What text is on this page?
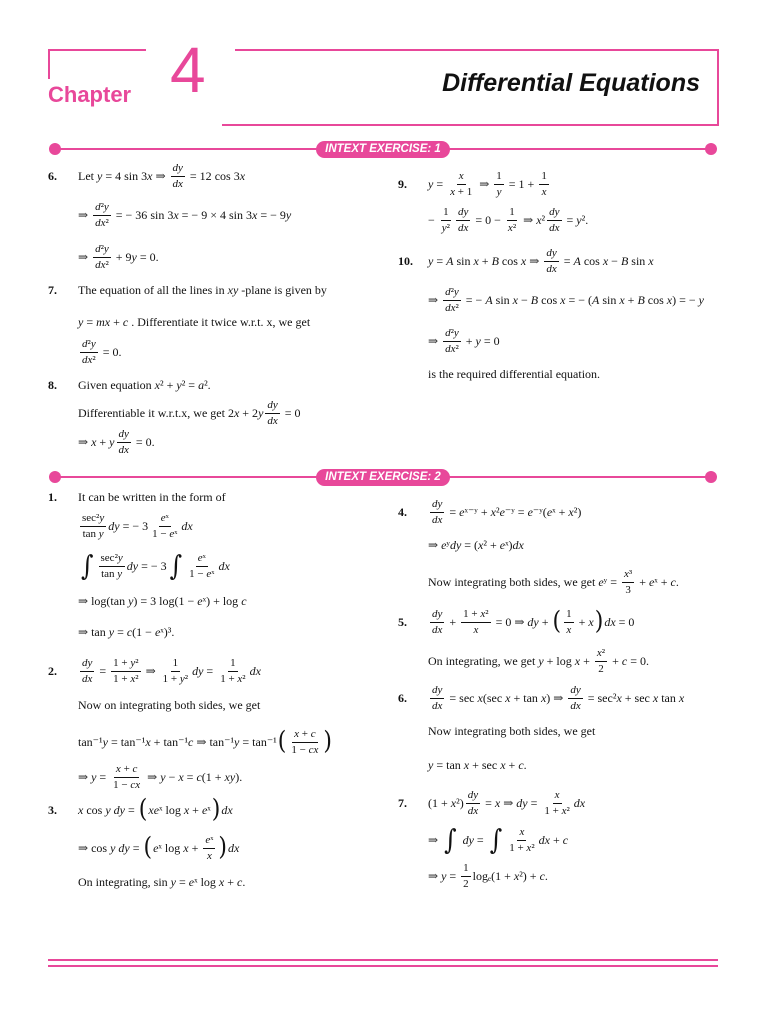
Chapter 4	Differential Equations
INTEXT EXERCISE: 1
6. Let y = 4 sin 3x ⇒ $\frac{dy}{dx} = 12$ cos 3x
⇒ $\frac{\text{d²y}}{\text{dx²}}$ = − 36 sin 3x = − 9 × 4 sin 3x = − 9y
⇒ $\frac{\text{d²y}}{\text{dx²}} + 9y = 0$.
7. The equation of all the lines in xy -plane is given by
y = mx + c . Differentiate it twice w.r.t. x, we get
$\frac{\text{d²y}}{\text{dx²}} = 0$.
8. Given equation x² + y² = a² .
Differentiable it w.r.t.x, we get $2x + 2y \frac{dy}{dx} = 0$
⇒ x + y $\frac{dy}{dx} = 0$.
9. $y = \frac{x}{x + 1}$ ⇒ $\frac{1}{y} = 1 + \frac{1}{x}$
− $\frac{1}{\text{y²}} \frac{dy}{dx} = 0 - \frac{1}{\text{x²}}$ ⇒ $x^2 \frac{dy}{dx} = y^2$.
10. y = A sin x + B cos x ⇒ $\frac{dy}{dx} = A$ cos x − B sin x
⇒ $\frac{\text{d²y}}{\text{dx²}}$ = − A sin x − B cos x = − (A sin x + B cos x) = − y
⇒ $\frac{\text{d²y}}{\text{dx²}} + y = 0$
is the required differential equation.
INTEXT EXERCISE: 2
1. It can be written in the form of
$\frac{\text{sec²y}}{\text{tan y}}$ dy = − $3 \frac{\text{eˣ}}{\text{1 − eˣ}}$ dx
∫ $\frac{\text{sec²y}}{\text{tan y}}$ dy = − 3 ∫ $\frac{\text{eˣ}}{\text{1 − eˣ}}$ dx
⇒ log(tan y) = 3 log(1 − eˣ) + log c
⇒ tan y = c(1 − eˣ)³.
2. $\frac{dy}{dx} = \frac{\text{1 + y²}}{\text{1 + x²}}$ ⇒ $\frac{1}{\text{1 + y²}}$ dy = $\frac{1}{\text{1 + x²}}$ dx
Now on integrating both sides, we get
tan⁻¹y = tan⁻¹x + tan⁻¹c ⇒ tan⁻¹y = tan⁻¹ ( $\frac{x + c}{1 - cx}$ )
⇒ $y = \frac{x + c}{1 - cx}$ ⇒ y − x = c(1 + xy).
3. x cos y dy = ( xeˣ log x + eˣ ) dx
⇒ cos y dy = ( eˣ $\log x + \frac{\text{eˣ}}{x}$ ) dx
On integrating, sin y = eˣ log x + c.
4. $\frac{dy}{dx}$ = eˣ⁻ʸ + x²e⁻ʸ = e⁻ʸ(eˣ + x²)
⇒ eʸdy = (x² + eˣ)dx
Now integrating both sides, we get eʸ = $\frac{\text{x³}}{3}$ + eˣ + c.
5. $\frac{dy}{dx} + \frac{\text{1 + x²}}{x} = 0$ ⇒ dy + ( $\frac{1}{x} + x$ ) dx = 0
On integrating, we get $y + \log x + \frac{\text{x²}}{2} + c = 0$.
6. $\frac{dy}{dx} = \sec x(\sec$ x + tan x) ⇒ $\frac{dy}{dx} = \sec^2x + \sec x$ tan x
Now integrating both sides, we get
y = tan x + sec x + c.
7. $(1 + x^2) \frac{dy}{dx} = x$ ⇒ dy = $\frac{x}{\text{1 + x²}}$ dx
⇒ ∫ dy = ∫ $\frac{x}{\text{1 + x²}}$ dx + c
⇒ $y = \frac{1}{2} \log_e(1 + x^2) + c$.
